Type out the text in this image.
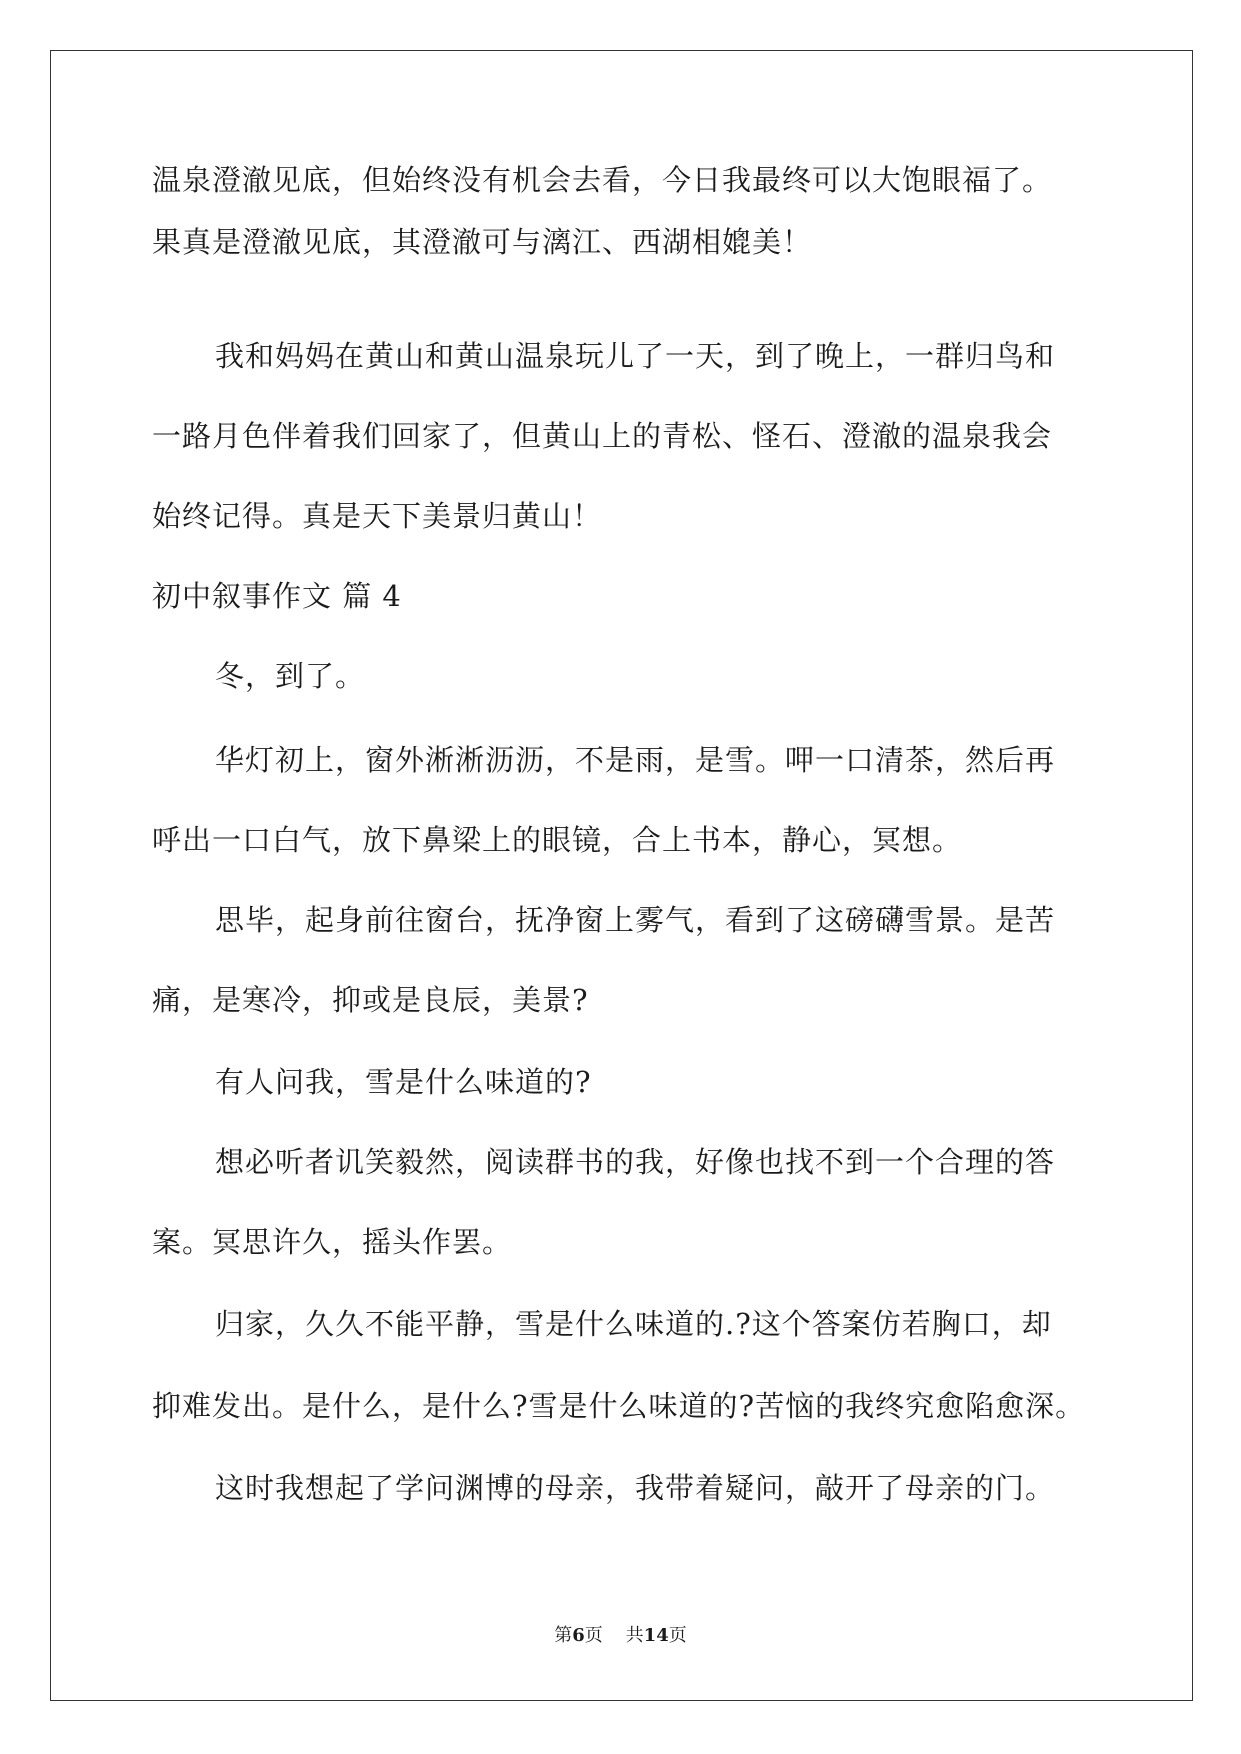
温泉澄澈见底，但始终没有机会去看，今日我最终可以大饱眼福了。
果真是澄澈见底，其澄澈可与漓江、西湖相媲美！
我和妈妈在黄山和黄山温泉玩儿了一天，到了晚上，一群归鸟和
一路月色伴着我们回家了，但黄山上的青松、怪石、澄澈的温泉我会
始终记得。真是天下美景归黄山！
初中叙事作文 篇 4
冬，到了。
华灯初上，窗外淅淅沥沥，不是雨，是雪。呷一口清茶，然后再
呼出一口白气，放下鼻梁上的眼镜，合上书本，静心，冥想。
思毕，起身前往窗台，抚净窗上雾气，看到了这磅礴雪景。是苦
痛，是寒冷，抑或是良辰，美景?
有人问我，雪是什么味道的?
想必听者讥笑毅然，阅读群书的我，好像也找不到一个合理的答
案。冥思许久，摇头作罢。
归家，久久不能平静，雪是什么味道的.?这个答案仿若胸口，却
抑难发出。是什么，是什么?雪是什么味道的?苦恼的我终究愈陷愈深。
这时我想起了学问渊博的母亲，我带着疑问，敲开了母亲的门。
第6页 共14页
